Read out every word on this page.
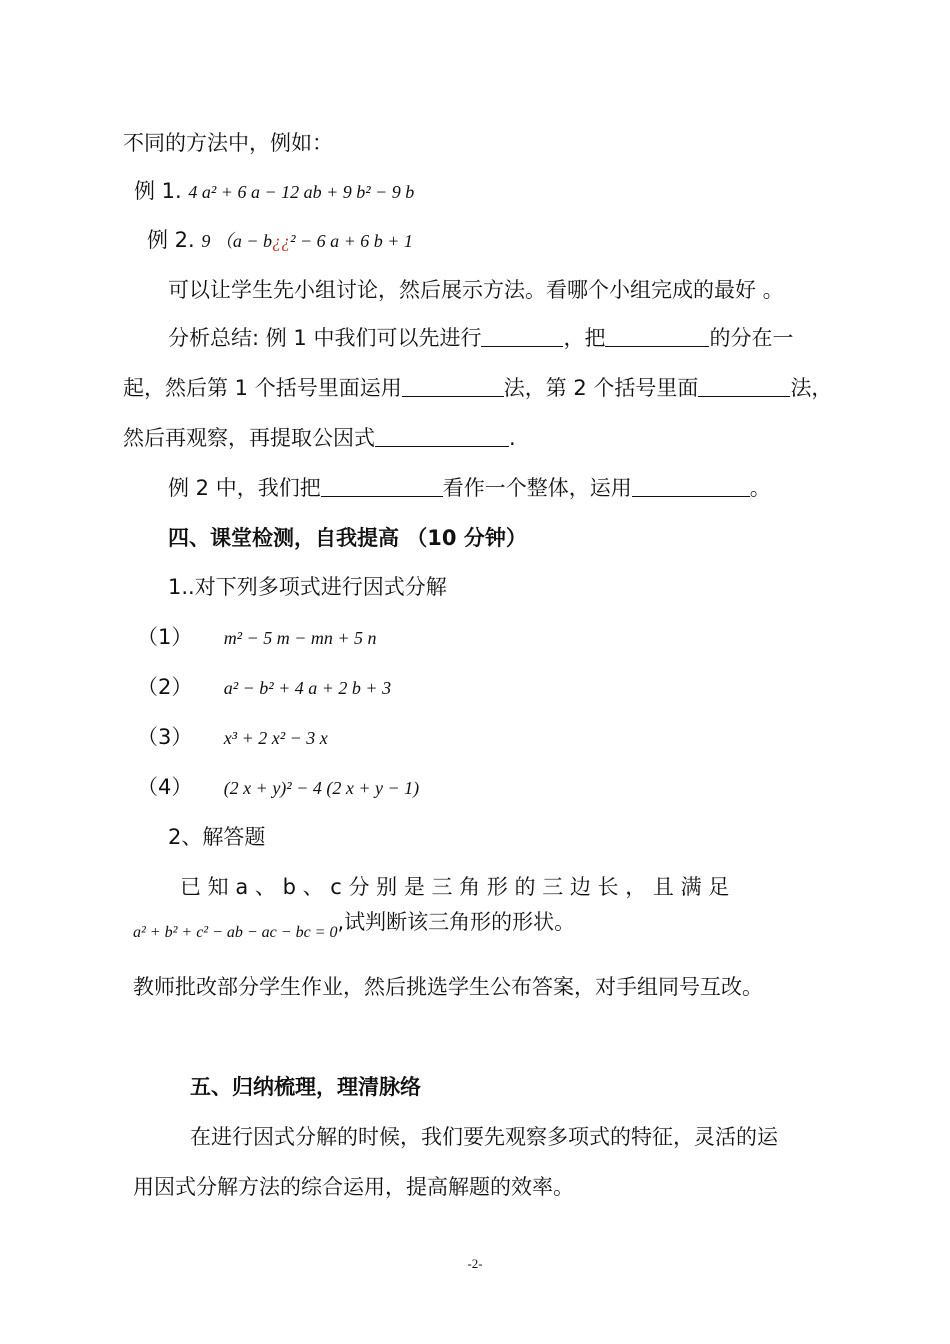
不同的方法中，例如：
例 1. 4 a² + 6 a − 12 ab + 9 b² − 9 b
例 2. 9 （a − b¿¿² − 6 a + 6 b + 1
可以让学生先小组讨论，然后展示方法。看哪个小组完成的最好 。
分析总结: 例 1 中我们可以先进行	，把	的分在一
起，然后第 1 个括号里面运用	法，第 2 个括号里面	法，
然后再观察，再提取公因式	.
例 2 中，我们把	看作一个整体，运用	。
四、课堂检测，自我提高 （10 分钟）
1..对下列多项式进行因式分解
（1） m² − 5 m − mn + 5 n
（2） a² − b² + 4 a + 2 b + 3
（3） x³ + 2 x² − 3 x
（4） (2 x + y)² − 4 (2 x + y − 1)
2、解答题
已 知 a 、 b 、 c 分 别 是 三 角 形 的 三 边 长 ， 且 满 足
a² + b² + c² − ab − ac − bc = 0,试判断该三角形的形状。
教师批改部分学生作业，然后挑选学生公布答案，对手组同号互改。
五、归纳梳理，理清脉络
在进行因式分解的时候，我们要先观察多项式的特征，灵活的运
用因式分解方法的综合运用，提高解题的效率。
-2-
